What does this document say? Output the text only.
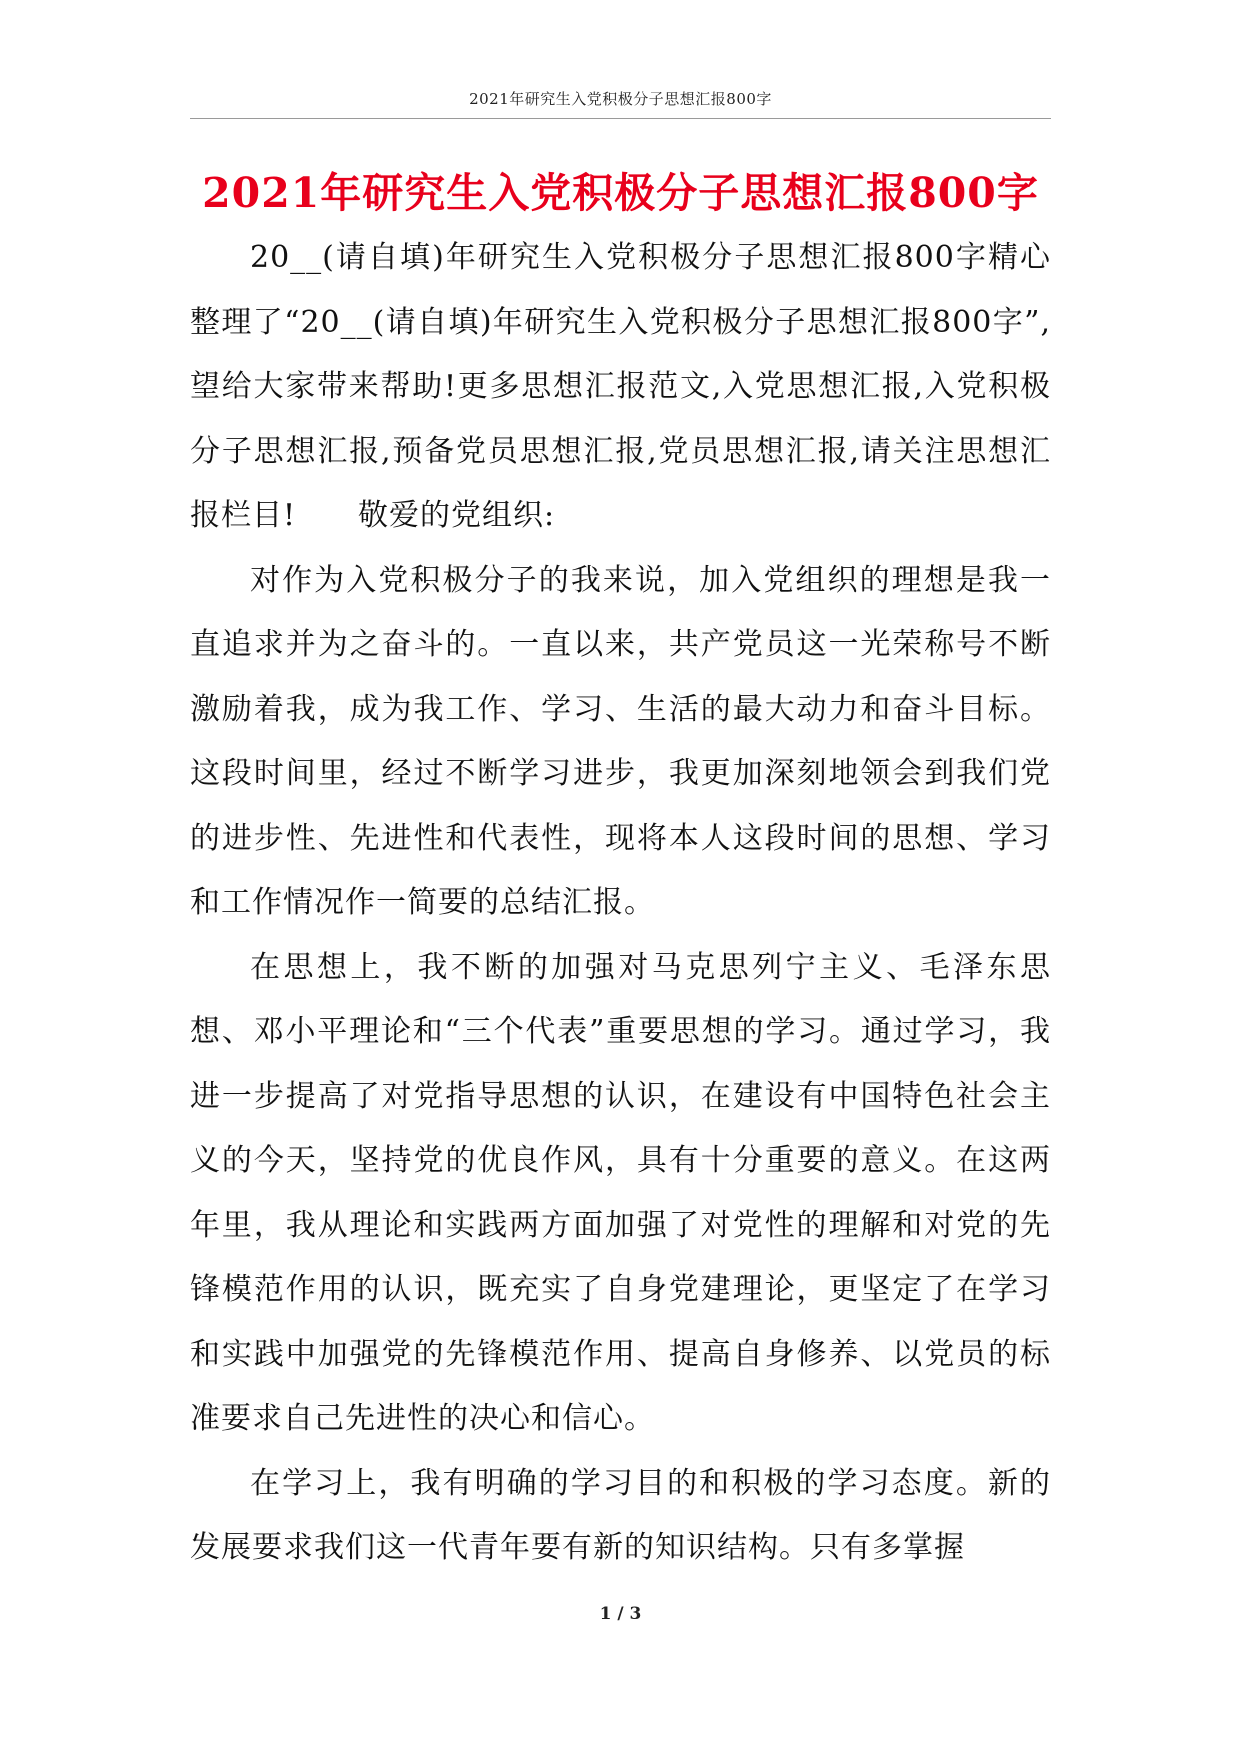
2021年研究生入党积极分子思想汇报800字
2021年研究生入党积极分子思想汇报800字

20__(请自填)年研究生入党积极分子思想汇报800字精心整理了“20__(请自填)年研究生入党积极分子思想汇报800字”,望给大家带来帮助!更多思想汇报范文,入党思想汇报,入党积极分子思想汇报,预备党员思想汇报,党员思想汇报,请关注思想汇报栏目!　　敬爱的党组织:

对作为入党积极分子的我来说，加入党组织的理想是我一直追求并为之奋斗的。一直以来，共产党员这一光荣称号不断激励着我，成为我工作、学习、生活的最大动力和奋斗目标。这段时间里，经过不断学习进步，我更加深刻地领会到我们党的进步性、先进性和代表性，现将本人这段时间的思想、学习和工作情况作一简要的总结汇报。

在思想上，我不断的加强对马克思列宁主义、毛泽东思想、邓小平理论和“三个代表”重要思想的学习。通过学习，我进一步提高了对党指导思想的认识，在建设有中国特色社会主义的今天，坚持党的优良作风，具有十分重要的意义。在这两年里，我从理论和实践两方面加强了对党性的理解和对党的先锋模范作用的认识，既充实了自身党建理论，更坚定了在学习和实践中加强党的先锋模范作用、提高自身修养、以党员的标准要求自己先进性的决心和信心。

在学习上，我有明确的学习目的和积极的学习态度。新的发展要求我们这一代青年要有新的知识结构。只有多掌握

1 / 3
